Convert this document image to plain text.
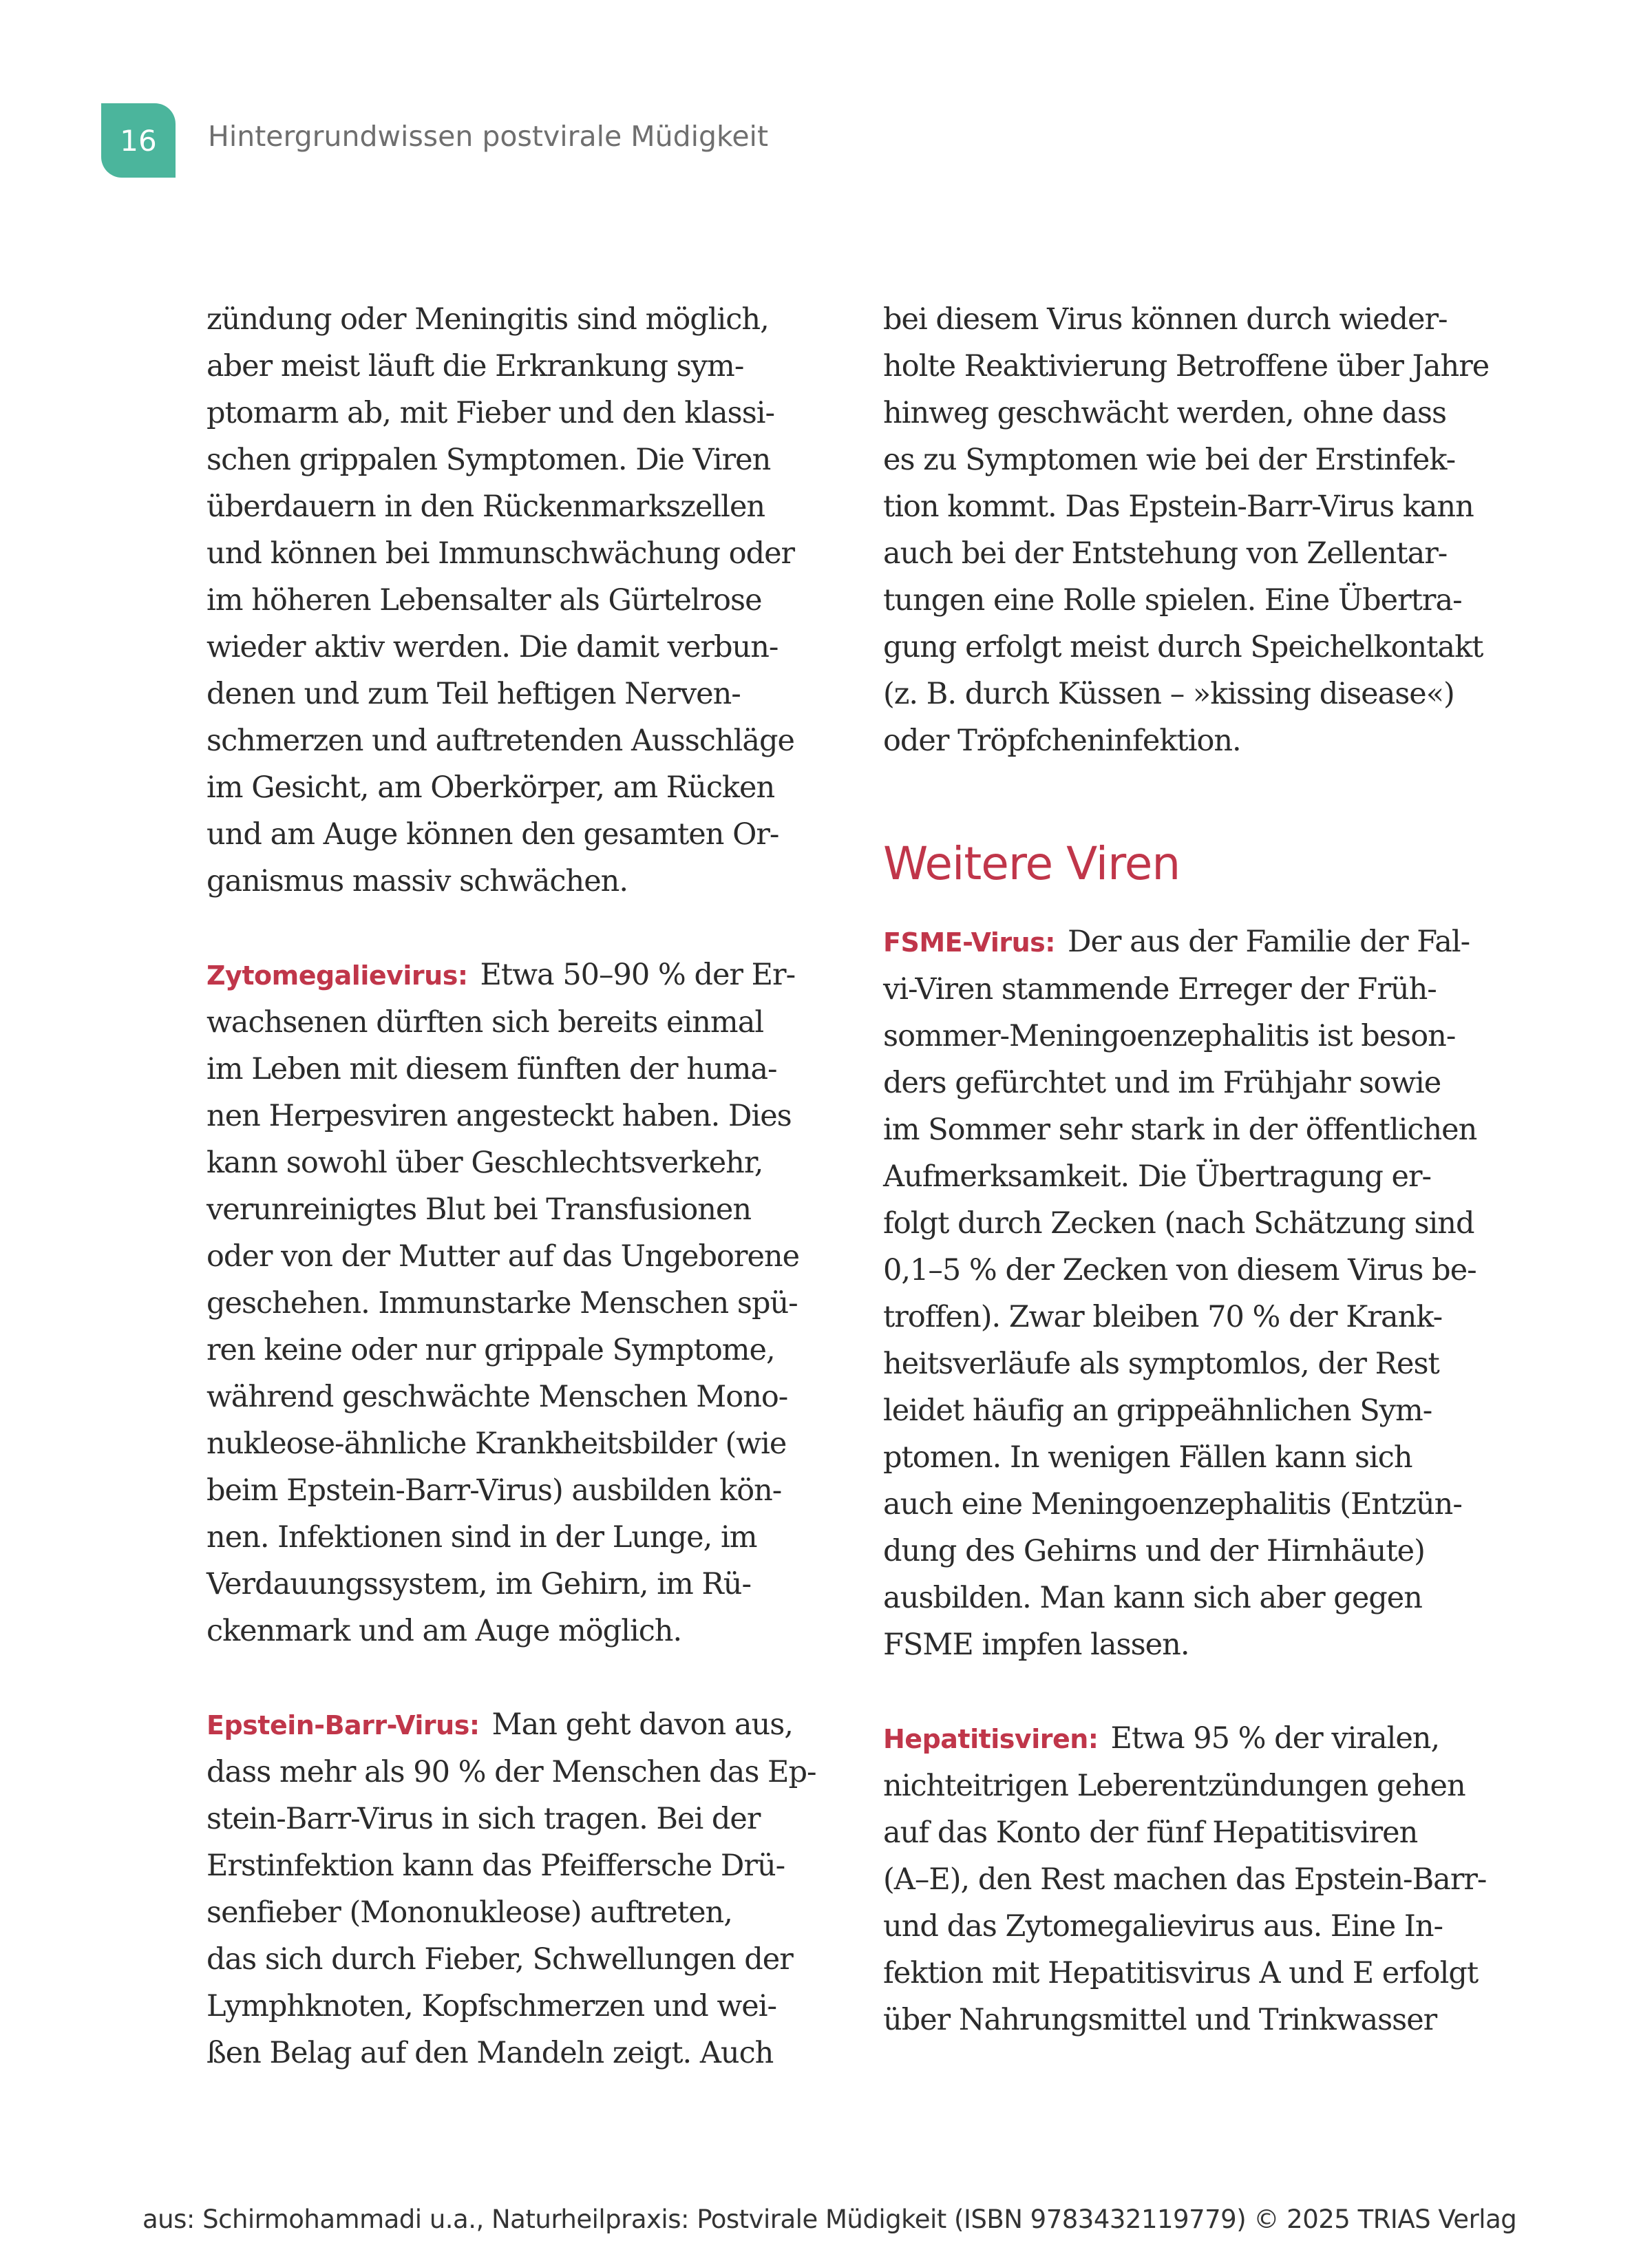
16 Hintergrundwissen postvirale Müdigkeit

zündung oder Meningitis sind möglich,
aber meist läuft die Erkrankung sym-
ptomarm ab, mit Fieber und den klassi-
schen grippalen Symptomen. Die Viren
überdauern in den Rückenmarkszellen
und können bei Immunschwächung oder
im höheren Lebensalter als Gürtelrose
wieder aktiv werden. Die damit verbun-
denen und zum Teil heftigen Nerven-
schmerzen und auftretenden Ausschläge
im Gesicht, am Oberkörper, am Rücken
und am Auge können den gesamten Or-
ganismus massiv schwächen.

Zytomegalievirus: Etwa 50–90 % der Er-
wachsenen dürften sich bereits einmal
im Leben mit diesem fünften der huma-
nen Herpesviren angesteckt haben. Dies
kann sowohl über Geschlechtsverkehr,
verunreinigtes Blut bei Transfusionen
oder von der Mutter auf das Ungeborene
geschehen. Immunstarke Menschen spü-
ren keine oder nur grippale Symptome,
während geschwächte Menschen Mono-
nukleose-ähnliche Krankheitsbilder (wie
beim Epstein-Barr-Virus) ausbilden kön-
nen. Infektionen sind in der Lunge, im
Verdauungssystem, im Gehirn, im Rü-
ckenmark und am Auge möglich.

Epstein-Barr-Virus: Man geht davon aus,
dass mehr als 90 % der Menschen das Ep-
stein-Barr-Virus in sich tragen. Bei der
Erstinfektion kann das Pfeiffersche Drü-
senfieber (Mononukleose) auftreten,
das sich durch Fieber, Schwellungen der
Lymphknoten, Kopfschmerzen und wei-
ßen Belag auf den Mandeln zeigt. Auch

bei diesem Virus können durch wieder-
holte Reaktivierung Betroffene über Jahre
hinweg geschwächt werden, ohne dass
es zu Symptomen wie bei der Erstinfek-
tion kommt. Das Epstein-Barr-Virus kann
auch bei der Entstehung von Zellentar-
tungen eine Rolle spielen. Eine Übertra-
gung erfolgt meist durch Speichelkontakt
(z. B. durch Küssen – »kissing disease«)
oder Tröpfcheninfektion.

Weitere Viren

FSME-Virus: Der aus der Familie der Fal-
vi-Viren stammende Erreger der Früh-
sommer-Meningoenzephalitis ist beson-
ders gefürchtet und im Frühjahr sowie
im Sommer sehr stark in der öffentlichen
Aufmerksamkeit. Die Übertragung er-
folgt durch Zecken (nach Schätzung sind
0,1–5 % der Zecken von diesem Virus be-
troffen). Zwar bleiben 70 % der Krank-
heitsverläufe als symptomlos, der Rest
leidet häufig an grippeähnlichen Sym-
ptomen. In wenigen Fällen kann sich
auch eine Meningoenzephalitis (Entzün-
dung des Gehirns und der Hirnhäute)
ausbilden. Man kann sich aber gegen
FSME impfen lassen.

Hepatitisviren: Etwa 95 % der viralen,
nichteitrigen Leberentzündungen gehen
auf das Konto der fünf Hepatitisviren
(A–E), den Rest machen das Epstein-Barr-
und das Zytomegalievirus aus. Eine In-
fektion mit Hepatitisvirus A und E erfolgt
über Nahrungsmittel und Trinkwasser

aus: Schirmohammadi u.a., Naturheilpraxis: Postvirale Müdigkeit (ISBN 9783432119779) © 2025 TRIAS Verlag
